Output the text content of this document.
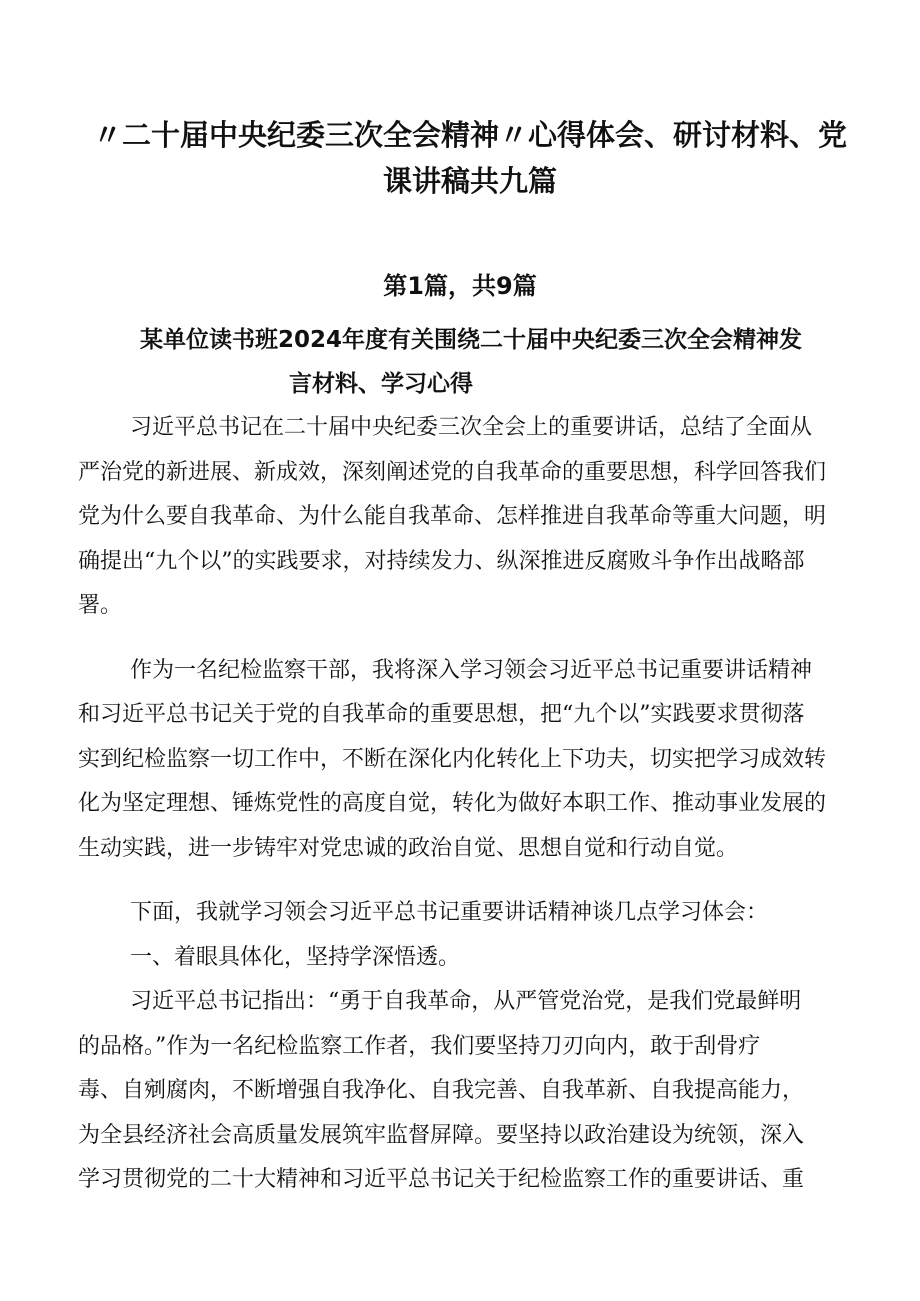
〃二十届中央纪委三次全会精神〃心得体会、研讨材料、党
课讲稿共九篇
第1篇，共9篇
某单位读书班2024年度有关围绕二十届中央纪委三次全会精神发
言材料、学习心得
习近平总书记在二十届中央纪委三次全会上的重要讲话，总结了全面从
严治党的新进展、新成效，深刻阐述党的自我革命的重要思想，科学回答我们
党为什么要自我革命、为什么能自我革命、怎样推进自我革命等重大问题，明
确提出“九个以”的实践要求，对持续发力、纵深推进反腐败斗争作出战略部
署。
作为一名纪检监察干部，我将深入学习领会习近平总书记重要讲话精神
和习近平总书记关于党的自我革命的重要思想，把“九个以”实践要求贯彻落
实到纪检监察一切工作中，不断在深化内化转化上下功夫，切实把学习成效转
化为坚定理想、锤炼党性的高度自觉，转化为做好本职工作、推动事业发展的
生动实践，进一步铸牢对党忠诚的政治自觉、思想自觉和行动自觉。
下面，我就学习领会习近平总书记重要讲话精神谈几点学习体会：
一、着眼具体化，坚持学深悟透。
习近平总书记指出：“勇于自我革命，从严管党治党，是我们党最鲜明
的品格。”作为一名纪检监察工作者，我们要坚持刀刃向内，敢于刮骨疗
毒、自剜腐肉，不断增强自我净化、自我完善、自我革新、自我提高能力，
为全县经济社会高质量发展筑牢监督屏障。要坚持以政治建设为统领，深入
学习贯彻党的二十大精神和习近平总书记关于纪检监察工作的重要讲话、重
